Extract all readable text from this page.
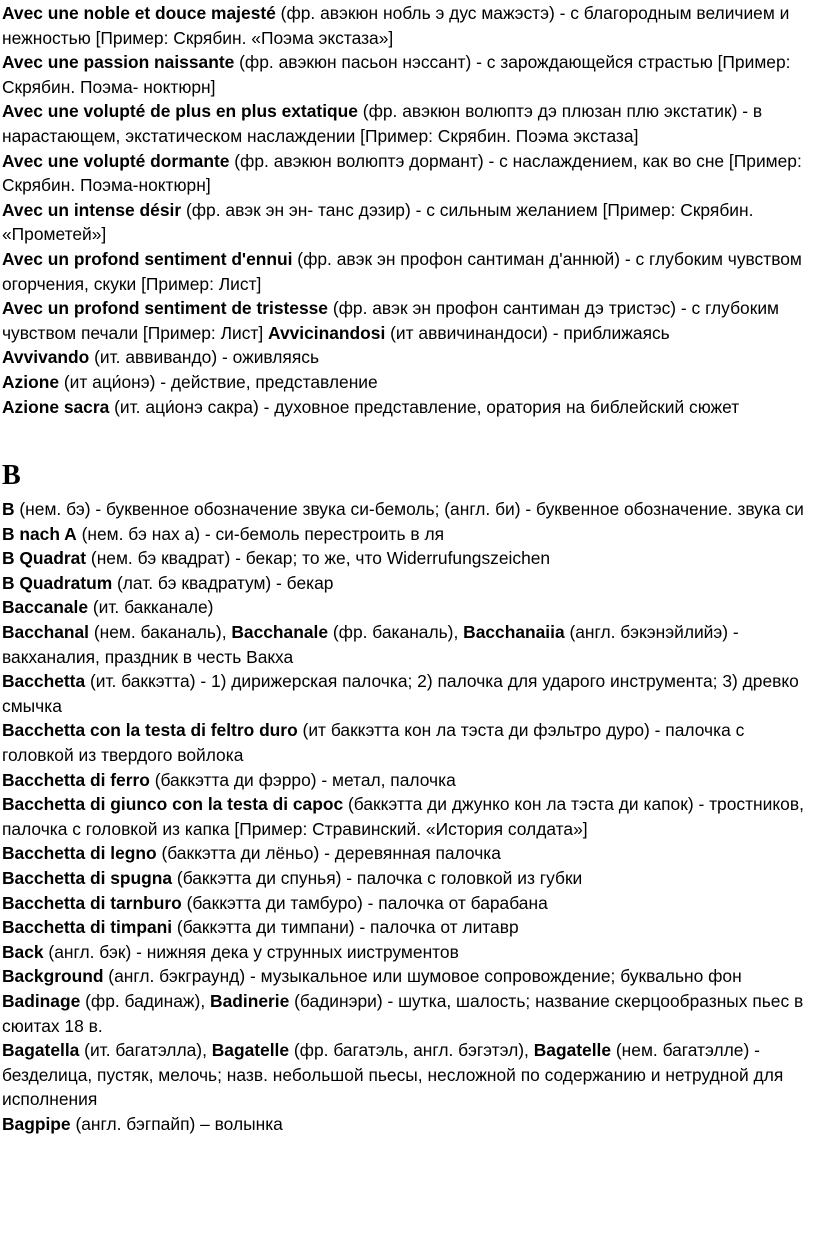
Avec une noble et douce majesté (фр. авэкюн нобль э дус мажэстэ) - с благородным величием и нежностью [Пример: Скрябин. «Поэма экстаза»]

Avec une passion naissante (фр. авэкюн пасьон нэссант) - с зарождающейся страстью [Пример: Скрябин. Поэма- ноктюрн]

Avec une volupté de plus en plus extatique (фр. авэкюн волюптэ дэ плюзан плю экстатик) - в нарастающем, экстатическом наслаждении [Пример: Скрябин. Поэма экстаза]

Avec une volupté dormante (фр. авэкюн волюптэ дормант) - с наслаждением, как во сне [Пример: Скрябин. Поэма-ноктюрн]

Avec un intense désir (фр. авэк эн эн- танс дэзир) - с сильным желанием [Пример: Скрябин. «Прометей»]

Avec un profond sentiment d'ennui (фр. авэк эн профон сантиман д'аннюй) - с глубоким чувством огорчения, скуки [Пример: Лист]

Avec un profond sentiment de tristesse (фр. авэк эн профон сантиман дэ тристэс) - с глубоким чувством печали [Пример: Лист] Avvicinandosi (ит аввичинандоси) - приближаясь

Avvivando (ит. аввивандо) - оживляясь

Azione (ит аци́онэ) - действие, представление

Azione sacra (ит. аци́онэ сакра) - духовное представление, оратория на библейский сюжет

B

B (нем. бэ) - буквенное обозначение звука си-бемоль; (англ. би) - буквенное обозначение. звука си

B nach A (нем. бэ нах а) - си-бемоль перестроить в ля

B Quadrat (нем. бэ квадрат) - бекар; то же, что Widerrufungszeichen

B Quadratum (лат. бэ квадратум) - бекар

Baccanale (ит. бакканале)

Bacchanal (нем. баканаль), Bacchanale (фр. баканаль), Bacchanaiia (англ. бэкэнэйлийэ) - вакханалия, праздник в честь Вакха

Bacchetta (ит. баккэтта) - 1) дирижерская палочка; 2) палочка для ударого инструмента; 3) древко смычка

Bacchetta con la testa di feltro duro (ит баккэтта кон ла тэста ди фэльтро дуро) - палочка с головкой из твердого войлока

Bacchetta di ferro (баккэтта ди фэрро) - метал, палочка

Bacchetta di giunco con la testa di capoc (баккэтта ди джунко кон ла тэста ди капок) - тростников, палочка с головкой из капка [Пример: Стравинский. «История солдата»]

Bacchetta di legno (баккэтта ди лёньо) - деревянная палочка

Bacchetta di spugna (баккэтта ди спунья) - палочка с головкой из губки

Bacchetta di tarnburo (баккэтта ди тамбуро) - палочка от барабана

Bacchetta di timpani (баккэтта ди тимпани) - палочка от литавр

Back (англ. бэк) - нижняя дека у струнных ииструментов

Background (англ. бэкграунд) - музыкальное или шумовое сопровождение; буквально фон

Badinage (фр. бадинаж), Badinerie (бадинэри) - шутка, шалость; название скерцообразных пьес в сюитах 18 в.

Bagatella (ит. багатэлла), Bagatelle (фр. багатэль, англ. бэгэтэл), Bagatelle (нем. багатэлле) - безделица, пустяк, мелочь; назв. небольшой пьесы, несложной по содержанию и нетрудной для исполнения

Bagpipe (англ. бэгпайп) – волынка
